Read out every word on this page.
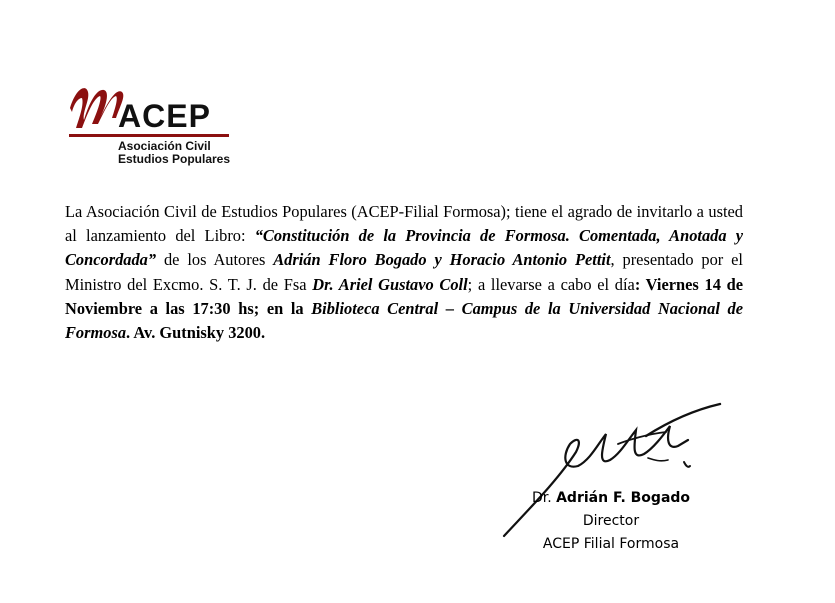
ACEP
Asociación Civil
Estudios Populares
La Asociación Civil de Estudios Populares (ACEP-Filial Formosa); tiene el agrado de invitarlo a usted al lanzamiento del Libro: “Constitución de la Provincia de Formosa. Comentada, Anotada y Concordada” de los Autores Adrián Floro Bogado y Horacio Antonio Pettit, presentado por el Ministro del Excmo. S. T. J. de Fsa Dr. Ariel Gustavo Coll; a llevarse a cabo el día: Viernes 14 de Noviembre a las 17:30 hs; en la Biblioteca Central – Campus de la Universidad Nacional de Formosa. Av. Gutnisky 3200.
Dr. Adrián F. Bogado
Director
ACEP Filial Formosa
